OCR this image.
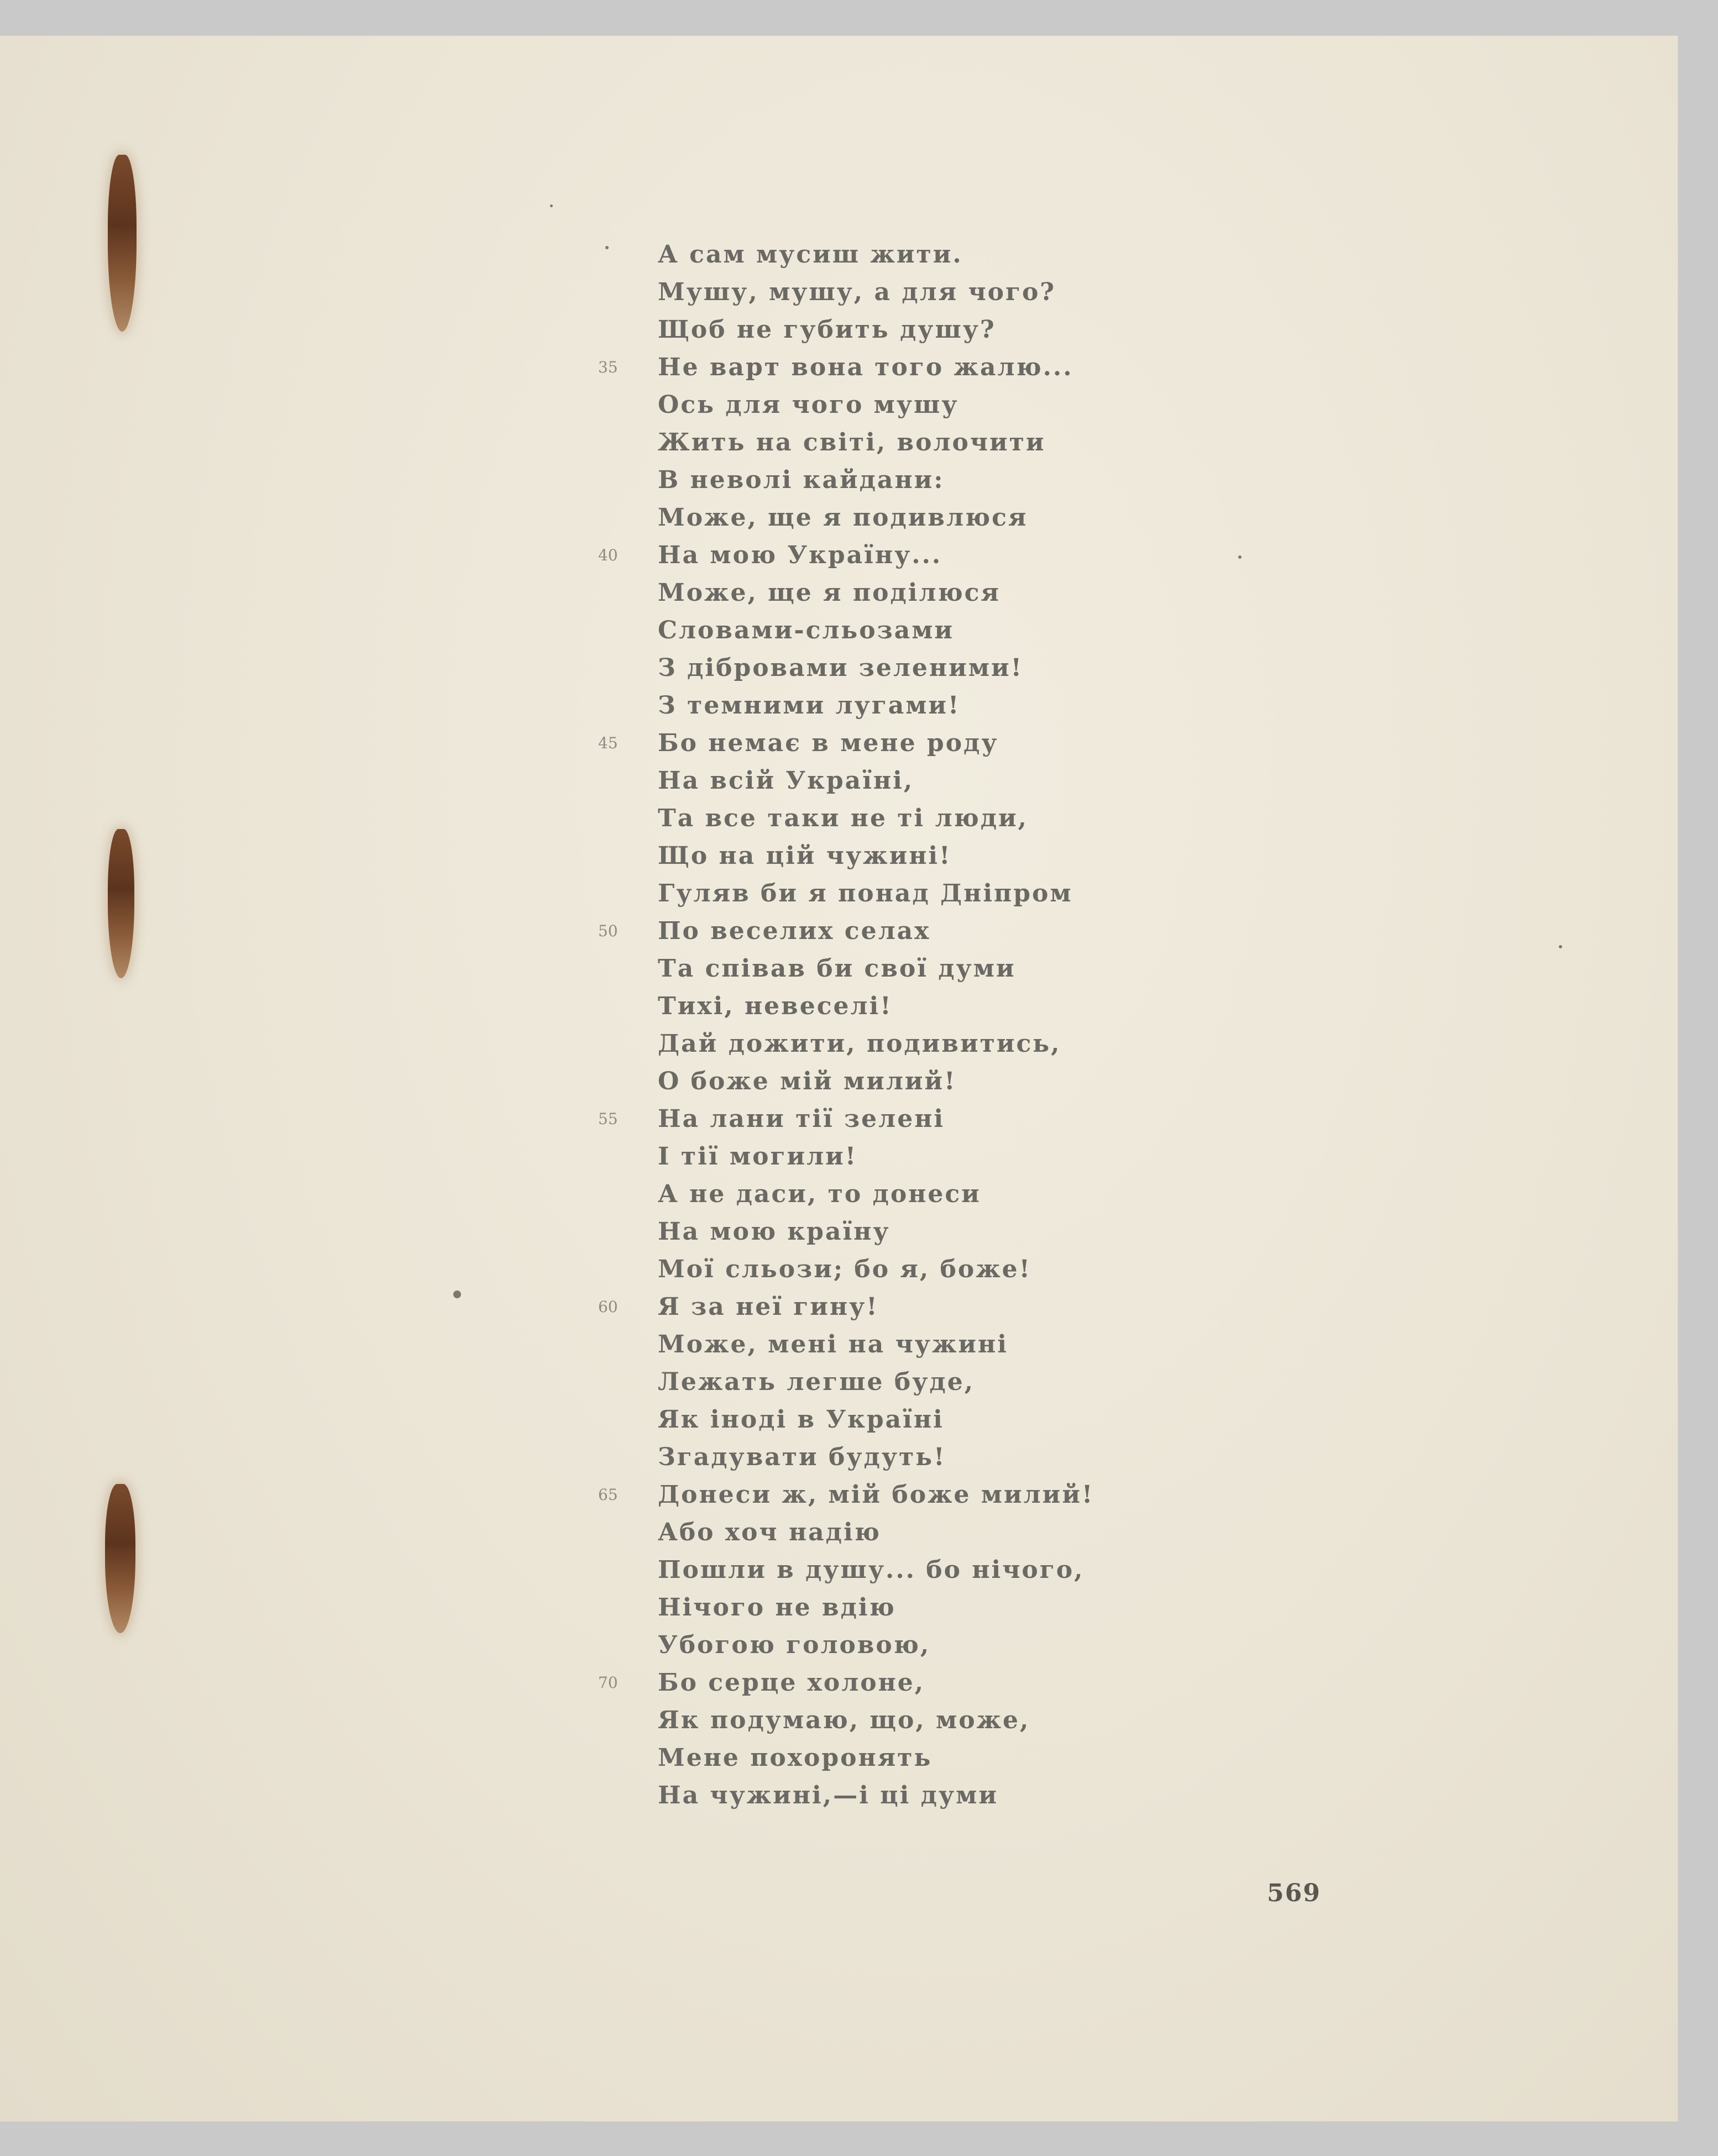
А сам мусиш жити.
Мушу, мушу, а для чого?
Щоб не губить душу?
35	Не варт вона того жалю...
Ось для чого мушу
Жить на світі, волочити
В неволі кайдани:
Може, ще я подивлюся
40	На мою Україну...
Може, ще я поділюся
Словами-сльозами
З дібровами зеленими!
З темними лугами!
45	Бо немає в мене роду
На всій Україні,
Та все таки не ті люди,
Що на цій чужині!
Гуляв би я понад Дніпром
50	По веселих селах
Та співав би свої думи
Тихі, невеселі!
Дай дожити, подивитись,
О боже мій милий!
55	На лани тії зелені
І тії могили!
А не даси, то донеси
На мою країну
Мої сльози; бо я, боже!
60	Я за неї гину!
Може, мені на чужині
Лежать легше буде,
Як іноді в Україні
Згадувати будуть!
65	Донеси ж, мій боже милий!
Або хоч надію
Пошли в душу... бо нічого,
Нічого не вдію
Убогою головою,
70	Бо серце холоне,
Як подумаю, що, може,
Мене похоронять
На чужині,—і ці думи
569
